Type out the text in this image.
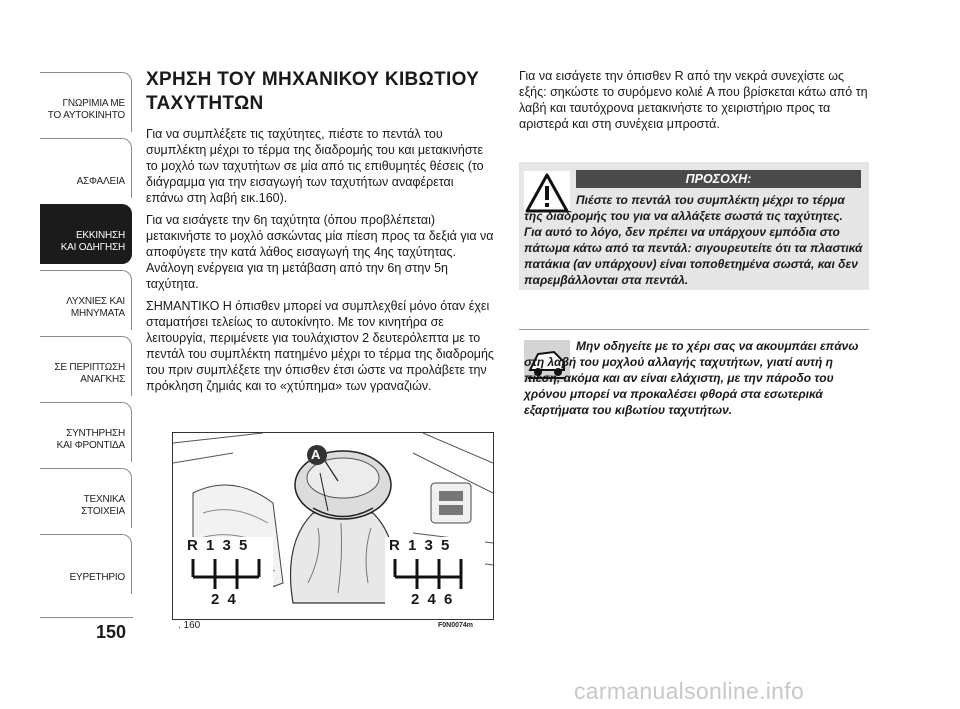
ΓΝΩΡΙΜΙΑ ΜΕ
ΤΟ ΑΥΤΟΚΙΝΗΤΟ
ΑΣΦΑΛΕΙΑ
ΕΚΚΙΝΗΣΗ
ΚΑΙ ΟΔΗΓΗΣΗ
ΛΥΧΝΙΕΣ ΚΑΙ
ΜΗΝΥΜΑΤΑ
ΣΕ ΠΕΡΙΠΤΩΣΗ
ΑΝΑΓΚΗΣ
ΣΥΝΤΗΡΗΣΗ
ΚΑΙ ΦΡΟΝΤΙΔΑ
ΤΕΧΝΙΚΑ
ΣΤΟΙΧΕΙΑ
ΕΥΡΕΤΗΡΙΟ
150
ΧΡΗΣΗ ΤΟΥ ΜΗΧΑΝΙΚΟΥ ΚΙΒΩΤΙΟΥ
ΤΑΧΥΤΗΤΩΝ

Για να συμπλέξετε τις ταχύτητες, πιέστε το πεντάλ του συμπλέκτη μέχρι το τέρμα της διαδρομής του και μετακινήστε το μοχλό των ταχυτήτων σε μία από τις επιθυμητές θέσεις (το διάγραμμα για την εισαγωγή των ταχυτήτων αναφέρεται επάνω στη λαβή εικ.160).

Για να εισάγετε την 6η ταχύτητα (όπου προβλέπεται) μετακινήστε το μοχλό ασκώντας μία πίεση προς τα δεξιά για να αποφύγετε την κατά λάθος εισαγωγή της 4ης ταχύτητας. Ανάλογη ενέργεια για τη μετάβαση από την 6η στην 5η ταχύτητα.

ΣΗΜΑΝΤΙΚΟ Η όπισθεν μπορεί να συμπλεχθεί μόνο όταν έχει σταματήσει τελείως το αυτοκίνητο. Με τον κινητήρα σε λειτουργία, περιμένετε για τουλάχιστον 2 δευτερόλεπτα με το πεντάλ του συμπλέκτη πατημένο μέχρι το τέρμα της διαδρομής του πριν συμπλέξετε την όπισθεν έτσι ώστε να προλάβετε την πρόκληση ζημιάς και το «χτύπημα» των γραναζιών.

A
R 1 3 5
2 4
R 1 3 5
2 4 6
. 160	F0N0074m

Για να εισάγετε την όπισθεν R από την νεκρά συνεχίστε ως εξής: σηκώστε το συρόμενο κολιέ A που βρίσκεται κάτω από τη λαβή και ταυτόχρονα μετακινήστε το χειριστήριο προς τα αριστερά και στη συνέχεια μπροστά.

ΠΡΟΣΟΧΗ:
Πιέστε το πεντάλ του συμπλέκτη μέχρι το τέρμα της διαδρομής του για να αλλάξετε σωστά τις ταχύτητες. Για αυτό το λόγο, δεν πρέπει να υπάρχουν εμπόδια στο πάτωμα κάτω από τα πεντάλ: σιγουρευτείτε ότι τα πλαστικά πατάκια (αν υπάρχουν) είναι τοποθετημένα σωστά, και δεν παρεμβάλλονται στα πεντάλ.
Μην οδηγείτε με το χέρι σας να ακουμπάει επάνω στη λαβή του μοχλού αλλαγής ταχυτήτων, γιατί αυτή η πίεση, ακόμα και αν είναι ελάχιστη, με την πάροδο του χρόνου μπορεί να προκαλέσει φθορά στα εσωτερικά εξαρτήματα του κιβωτίου ταχυτήτων.
carmanualsonline.info
